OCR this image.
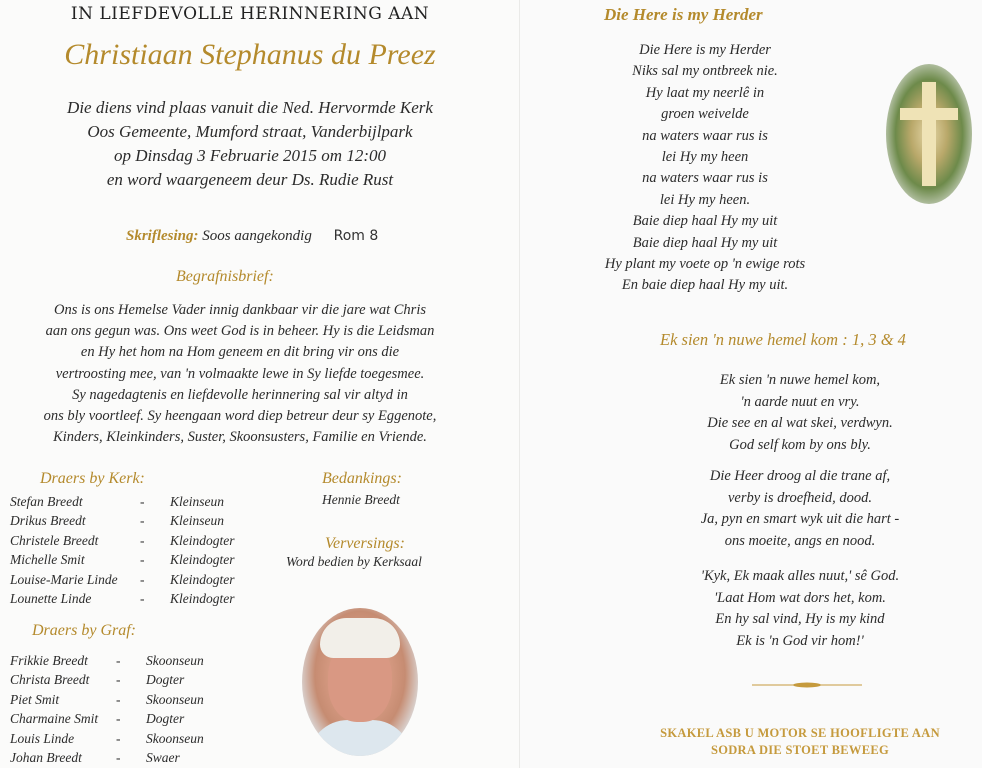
IN LIEFDEVOLLE HERINNERING AAN
Christiaan Stephanus du Preez
Die diens vind plaas vanuit die Ned. Hervormde Kerk
Oos Gemeente, Mumford straat, Vanderbijlpark
op Dinsdag 3 Februarie 2015 om 12:00
en word waargeneem deur Ds. Rudie Rust
Skriflesing: Soos aangekondig Rom 8
Begrafnisbrief:
Ons is ons Hemelse Vader innig dankbaar vir die jare wat Chris
aan ons gegun was. Ons weet God is in beheer. Hy is die Leidsman
en Hy het hom na Hom geneem en dit bring vir ons die
vertroosting mee, van 'n volmaakte lewe in Sy liefde toegesmee.
Sy nagedagtenis en liefdevolle herinnering sal vir altyd in
ons bly voortleef. Sy heengaan word diep betreur deur sy Eggenote,
Kinders, Kleinkinders, Suster, Skoonsusters, Familie en Vriende.
Draers by Kerk:
Stefan Breedt	-	Kleinseun
Drikus Breedt	-	Kleinseun
Christele Breedt	-	Kleindogter
Michelle Smit	-	Kleindogter
Louise-Marie Linde	-	Kleindogter
Lounette Linde	-	Kleindogter
Bedankings:
Hennie Breedt
Verversings:
Word bedien by Kerksaal
Draers by Graf:
Frikkie Breedt	-	Skoonseun
Christa Breedt	-	Dogter
Piet Smit	-	Skoonseun
Charmaine Smit	-	Dogter
Louis Linde	-	Skoonseun
Johan Breedt	-	Swaer
Die Here is my Herder
Die Here is my Herder
Niks sal my ontbreek nie.
Hy laat my neerlê in
groen weivelde
na waters waar rus is
lei Hy my heen
na waters waar rus is
lei Hy my heen.
Baie diep haal Hy my uit
Baie diep haal Hy my uit
Hy plant my voete op 'n ewige rots
En baie diep haal Hy my uit.
Ek sien 'n nuwe hemel kom : 1, 3 & 4
Ek sien 'n nuwe hemel kom,
'n aarde nuut en vry.
Die see en al wat skei, verdwyn.
God self kom by ons bly.
Die Heer droog al die trane af,
verby is droefheid, dood.
Ja, pyn en smart wyk uit die hart -
ons moeite, angs en nood.
'Kyk, Ek maak alles nuut,' sê God.
'Laat Hom wat dors het, kom.
En hy sal vind, Hy is my kind
Ek is 'n God vir hom!'
SKAKEL ASB U MOTOR SE HOOFLIGTE AAN
SODRA DIE STOET BEWEEG
